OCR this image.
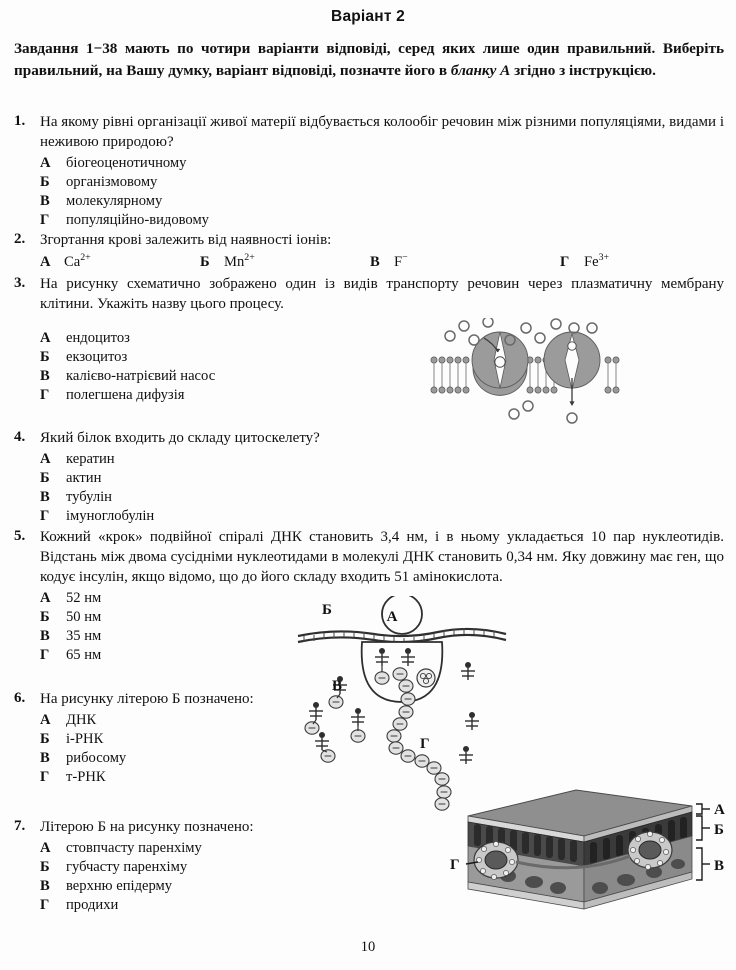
Варіант 2
Завдання 1−38 мають по чотири варіанти відповіді, серед яких лише один правильний. Виберіть правильний, на Вашу думку, варіант відповіді, позначте його в бланку А згідно з інструкцією.
1. На якому рівні організації живої матерії відбувається колообіг речовин між різними популяціями, видами і неживою природою?
А	біогеоценотичному
Б	організмовому
В	молекулярному
Г	популяційно-видовому
2. Згортання крові залежить від наявності іонів:
А $Ca^{2+}$	Б $Mn^{2+}$	В F−	Г	$Fe^{3+}$
3. На рисунку схематично зображено один із видів транспорту речовин через плазматичну мембрану клітини. Укажіть назву цього процесу.
А	ендоцитоз
Б	екзоцитоз
В	калієво-натрієвий насос
Г	полегшена дифузія
4. Який білок входить до складу цитоскелету?
А	кератин
Б	актин
В	тубулін
Г	імуноглобулін
5. Кожний «крок» подвійної спіралі ДНК становить 3,4 нм, і в ньому укладається 10 пар нуклеотидів. Відстань між двома сусідніми нуклеотидами в молекулі ДНК становить 0,34 нм. Яку довжину має ген, що кодує інсулін, якщо відомо, що до його складу входить 51 амінокислота.
А	52 нм
Б	50 нм
В	35 нм
Г	65 нм
6. На рисунку літерою Б позначено:
А	ДНК
Б	і-РНК
В	рибосому
Г	т-РНК
7. Літерою Б на рисунку позначено:
А	стовпчасту паренхіму
Б	губчасту паренхіму
В	верхню епідерму
Г	продихи
А
Б
В
Г
А
Б
В
Г
10
